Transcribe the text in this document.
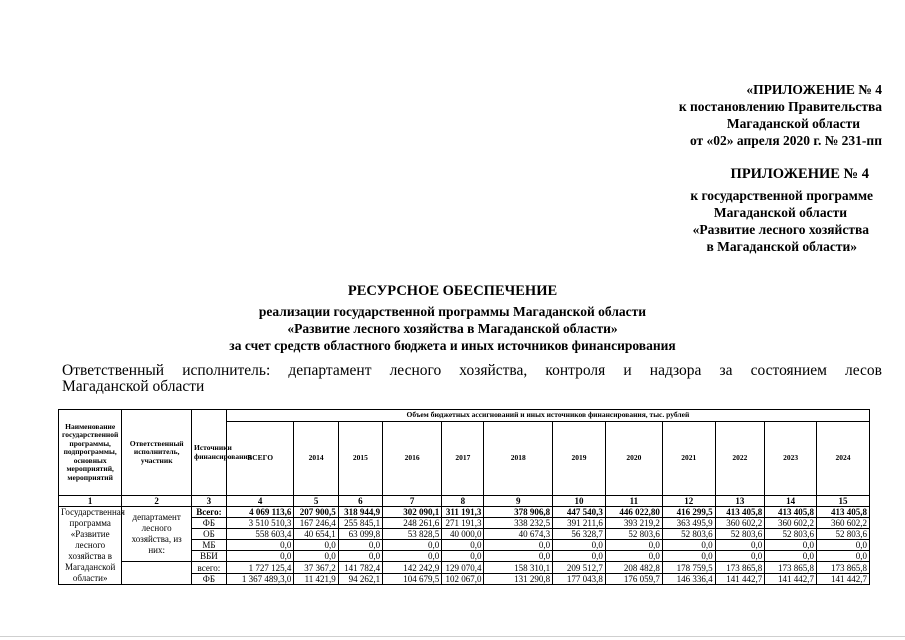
«ПРИЛОЖЕНИЕ № 4
к постановлению Правительства
Магаданской области
от «02» апреля 2020 г. № 231-пп
ПРИЛОЖЕНИЕ № 4
к государственной программе
Магаданской области
«Развитие лесного хозяйства
в Магаданской области»
РЕСУРСНОЕ ОБЕСПЕЧЕНИЕ
реализации государственной программы Магаданской области
«Развитие лесного хозяйства в Магаданской области»
за счет средств областного бюджета и иных источников финансирования
Ответственный исполнитель: департамент лесного хозяйства, контроля и надзора за состоянием лесов
Магаданской области
Наименование государственной программы, подпрограммы, основных мероприятий, мероприятий	Ответственный исполнитель, участник	Источники финансирования	Объем бюджетных ассигнований и иных источников финансирования, тыс. рублей											
			ВСЕГО	2014	2015	2016	2017	2018	2019	2020	2021	2022	2023	2024
1	2	3	4	5	6	7	8	9	10	11	12	13	14	15
Государственная программа «Развитие лесного хозяйства в Магаданской области»	департамент лесного хозяйства, из них:	Всего:	4 069 113,6	207 900,5	318 944,9	302 090,1	311 191,3	378 906,8	447 540,3	446 022,80	416 299,5	413 405,8	413 405,8	413 405,8
		ФБ	3 510 510,3	167 246,4	255 845,1	248 261,6	271 191,3	338 232,5	391 211,6	393 219,2	363 495,9	360 602,2	360 602,2	360 602,2
		ОБ	558 603,4	40 654,1	63 099,8	53 828,5	40 000,0	40 674,3	56 328,7	52 803,6	52 803,6	52 803,6	52 803,6	52 803,6
		МБ	0,0	0,0	0,0	0,0	0,0	0,0	0,0	0,0	0,0	0,0	0,0	0,0
		ВБИ	0,0	0,0	0,0	0,0	0,0	0,0	0,0	0,0	0,0	0,0	0,0	0,0
		всего:	1 727 125,4	37 367,2	141 782,4	142 242,9	129 070,4	158 310,1	209 512,7	208 482,8	178 759,5	173 865,8	173 865,8	173 865,8
		ФБ	1 367 489,3,0	11 421,9	94 262,1	104 679,5	102 067,0	131 290,8	177 043,8	176 059,7	146 336,4	141 442,7	141 442,7	141 442,7
